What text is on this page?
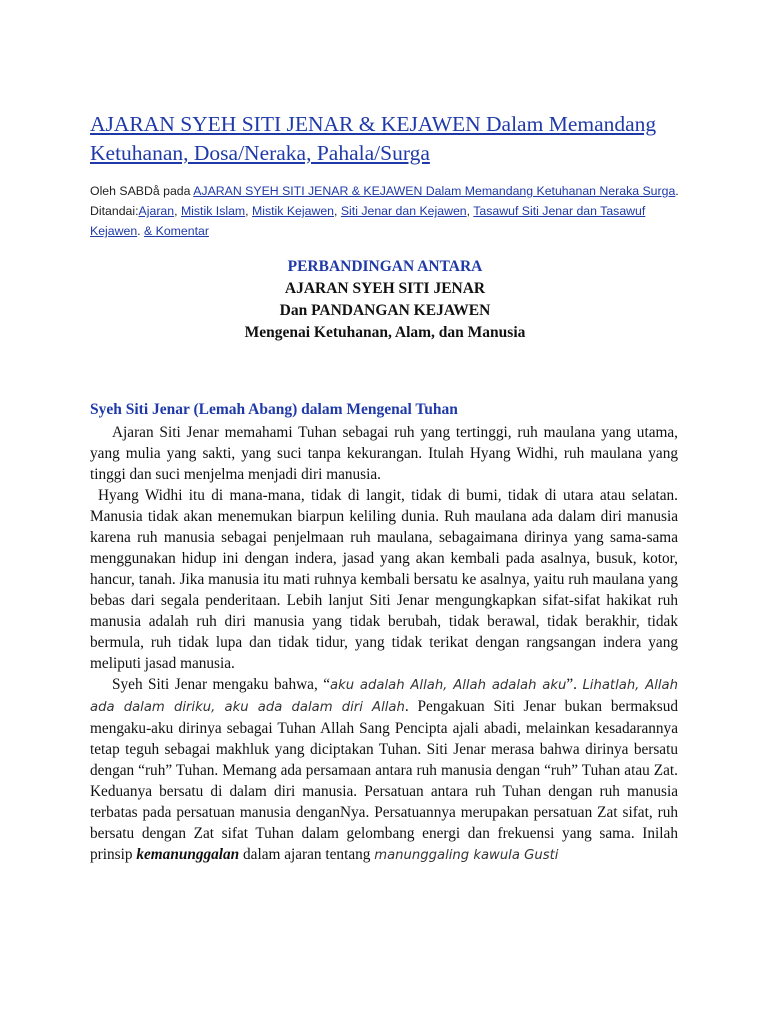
AJARAN SYEH SITI JENAR & KEJAWEN Dalam Memandang Ketuhanan, Dosa/Neraka, Pahala/Surga
Oleh SABDå pada AJARAN SYEH SITI JENAR & KEJAWEN Dalam Memandang Ketuhanan Neraka Surga. Ditandai:Ajaran, Mistik Islam, Mistik Kejawen, Siti Jenar dan Kejawen, Tasawuf Siti Jenar dan Tasawuf Kejawen. & Komentar
PERBANDINGAN ANTARA
AJARAN SYEH SITI JENAR
Dan PANDANGAN KEJAWEN
Mengenai Ketuhanan, Alam, dan Manusia
Syeh Siti Jenar (Lemah Abang) dalam Mengenal Tuhan

Ajaran Siti Jenar memahami Tuhan sebagai ruh yang tertinggi, ruh maulana yang utama, yang mulia yang sakti, yang suci tanpa kekurangan. Itulah Hyang Widhi, ruh maulana yang tinggi dan suci menjelma menjadi diri manusia.

Hyang Widhi itu di mana-mana, tidak di langit, tidak di bumi, tidak di utara atau selatan. Manusia tidak akan menemukan biarpun keliling dunia. Ruh maulana ada dalam diri manusia karena ruh manusia sebagai penjelmaan ruh maulana, sebagaimana dirinya yang sama-sama menggunakan hidup ini dengan indera, jasad yang akan kembali pada asalnya, busuk, kotor, hancur, tanah. Jika manusia itu mati ruhnya kembali bersatu ke asalnya, yaitu ruh maulana yang bebas dari segala penderitaan. Lebih lanjut Siti Jenar mengungkapkan sifat-sifat hakikat ruh manusia adalah ruh diri manusia yang tidak berubah, tidak berawal, tidak berakhir, tidak bermula, ruh tidak lupa dan tidak tidur, yang tidak terikat dengan rangsangan indera yang meliputi jasad manusia.

Syeh Siti Jenar mengaku bahwa, “aku adalah Allah, Allah adalah aku”. Lihatlah, Allah ada dalam diriku, aku ada dalam diri Allah. Pengakuan Siti Jenar bukan bermaksud mengaku-aku dirinya sebagai Tuhan Allah Sang Pencipta ajali abadi, melainkan kesadarannya tetap teguh sebagai makhluk yang diciptakan Tuhan. Siti Jenar merasa bahwa dirinya bersatu dengan “ruh” Tuhan. Memang ada persamaan antara ruh manusia dengan “ruh” Tuhan atau Zat. Keduanya bersatu di dalam diri manusia. Persatuan antara ruh Tuhan dengan ruh manusia terbatas pada persatuan manusia denganNya. Persatuannya merupakan persatuan Zat sifat, ruh bersatu dengan Zat sifat Tuhan dalam gelombang energi dan frekuensi yang sama. Inilah prinsip kemanunggalan dalam ajaran tentang manunggaling kawula Gusti
